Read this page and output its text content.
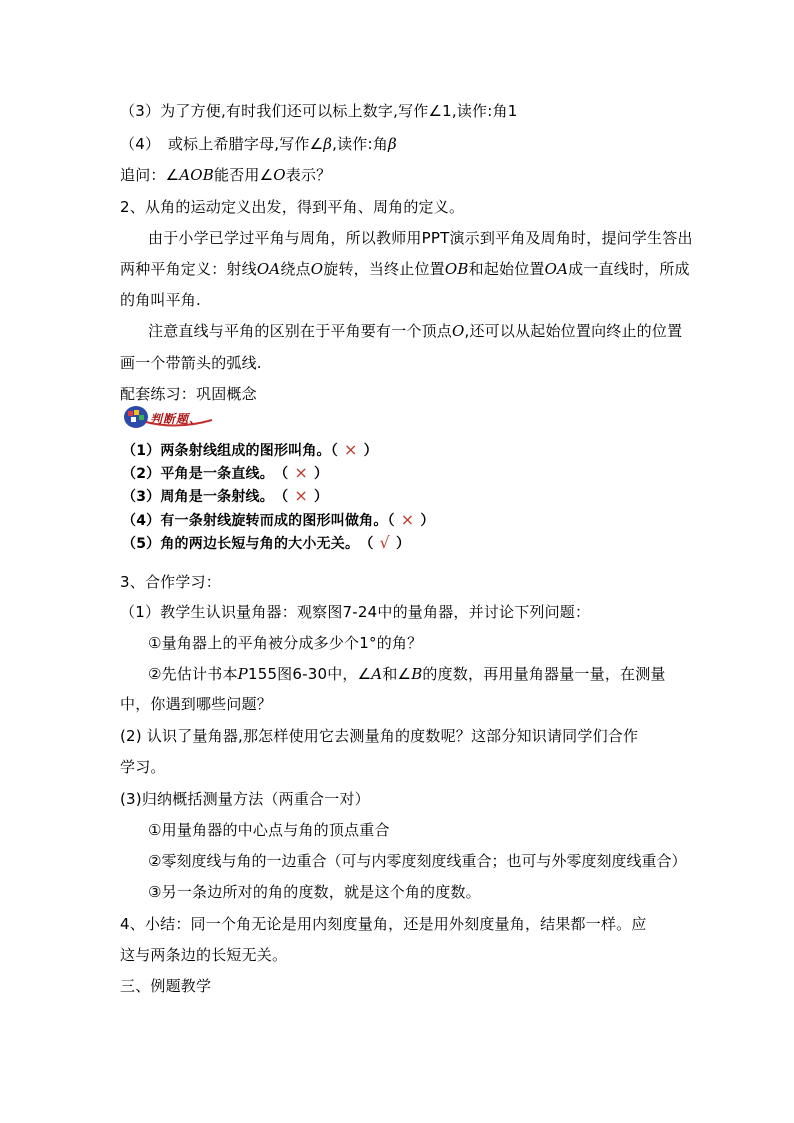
（3）为了方便,有时我们还可以标上数字,写作∠1,读作:角1
（4）　或标上希腊字母,写作∠β,读作:角β
追问：∠AOB能否用∠O表示？
2、从角的运动定义出发，得到平角、周角的定义。
由于小学已学过平角与周角，所以教师用PPT演示到平角及周角时，提问学生答出
两种平角定义：射线OA绕点O旋转，当终止位置OB和起始位置OA成一直线时，所成
的角叫平角.
注意直线与平角的区别在于平角要有一个顶点O,还可以从起始位置向终止的位置
画一个带箭头的弧线.
配套练习：巩固概念
判断题、
（1）两条射线组成的图形叫角。（ × ）
（2）平角是一条直线。　（ × ）
（3）周角是一条射线。　（ × ）
（4）有一条射线旋转而成的图形叫做角。（ × ）
（5）角的两边长短与角的大小无关。　（ √ ）
3、合作学习：
（1）教学生认识量角器：观察图7-24中的量角器，并讨论下列问题：
①量角器上的平角被分成多少个1°的角？
②先估计书本P155图6-30中，∠A和∠B的度数，再用量角器量一量，在测量
中，你遇到哪些问题？
(2) 认识了量角器,那怎样使用它去测量角的度数呢？这部分知识请同学们合作
学习。
(3)归纳概括测量方法（两重合一对）
①用量角器的中心点与角的顶点重合
②零刻度线与角的一边重合（可与内零度刻度线重合；也可与外零度刻度线重合）
③另一条边所对的角的度数，就是这个角的度数。
4、小结：同一个角无论是用内刻度量角，还是用外刻度量角，结果都一样。应
这与两条边的长短无关。
三、例题教学
